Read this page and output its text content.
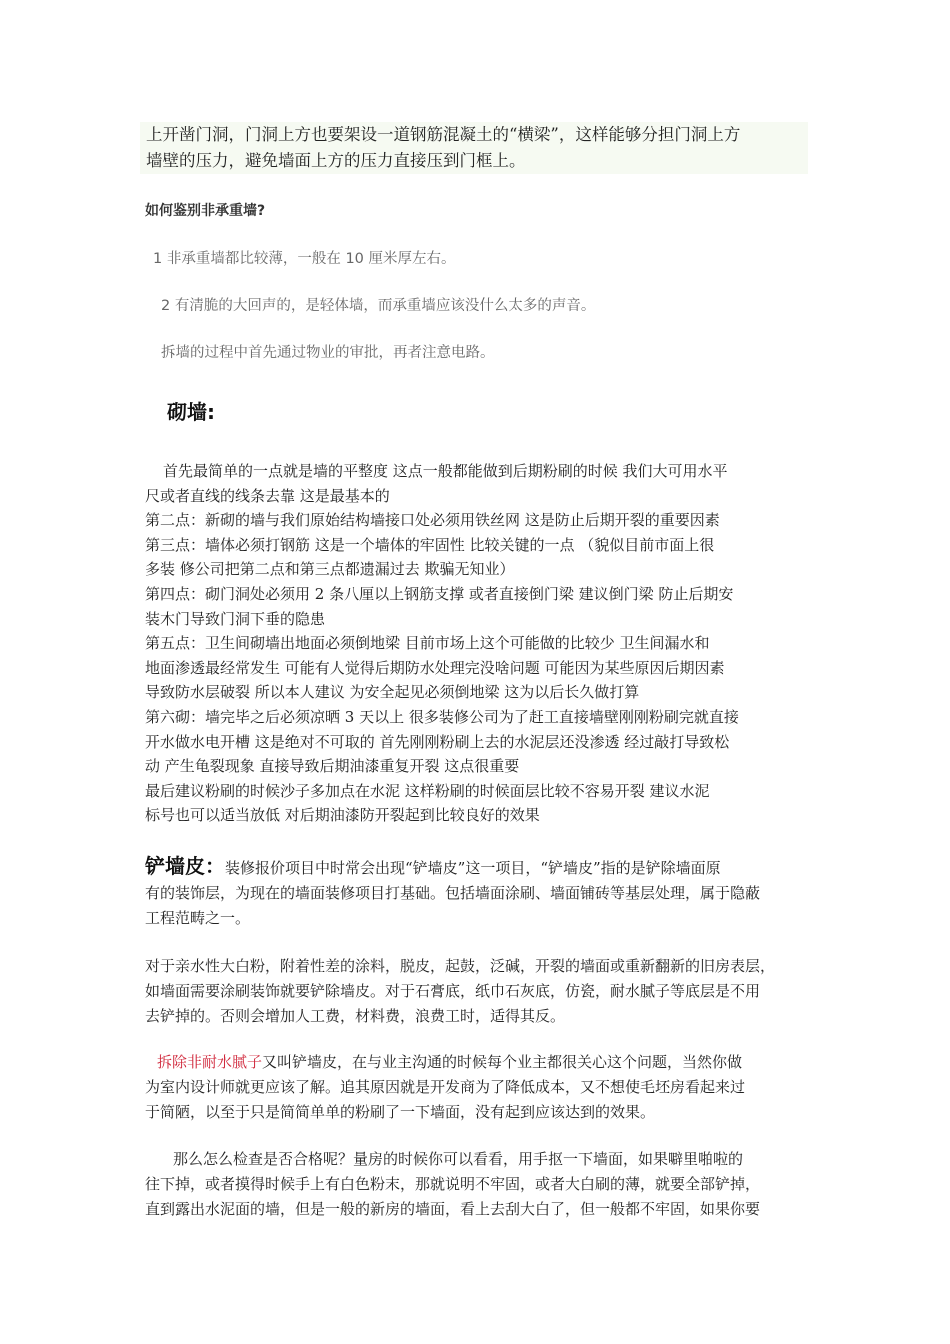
上开凿门洞，门洞上方也要架设一道钢筋混凝土的“横梁”，这样能够分担门洞上方
墙壁的压力，避免墙面上方的压力直接压到门框上。
如何鉴别非承重墙?
1 非承重墙都比较薄，一般在 10 厘米厚左右。
2 有清脆的大回声的，是轻体墙，而承重墙应该没什么太多的声音。
拆墙的过程中首先通过物业的审批，再者注意电路。
砌墙:
首先最简单的一点就是墙的平整度 这点一般都能做到后期粉刷的时候 我们大可用水平
尺或者直线的线条去靠 这是最基本的
第二点：新砌的墙与我们原始结构墙接口处必须用铁丝网 这是防止后期开裂的重要因素
第三点：墙体必须打钢筋 这是一个墙体的牢固性 比较关键的一点 （貌似目前市面上很
多装 修公司把第二点和第三点都遗漏过去 欺骗无知业）
第四点：砌门洞处必须用 2 条八厘以上钢筋支撑 或者直接倒门梁 建议倒门梁 防止后期安
装木门导致门洞下垂的隐患
第五点：卫生间砌墙出地面必须倒地梁 目前市场上这个可能做的比较少 卫生间漏水和
地面渗透最经常发生 可能有人觉得后期防水处理完没啥问题 可能因为某些原因后期因素
导致防水层破裂 所以本人建议 为安全起见必须倒地梁 这为以后长久做打算
第六砌：墙完毕之后必须凉晒 3 天以上 很多装修公司为了赶工直接墙壁刚刚粉刷完就直接
开水做水电开槽 这是绝对不可取的 首先刚刚粉刷上去的水泥层还没渗透 经过敲打导致松
动 产生龟裂现象 直接导致后期油漆重复开裂 这点很重要
最后建议粉刷的时候沙子多加点在水泥 这样粉刷的时候面层比较不容易开裂 建议水泥
标号也可以适当放低 对后期油漆防开裂起到比较良好的效果
铲墙皮：装修报价项目中时常会出现“铲墙皮”这一项目，“铲墙皮”指的是铲除墙面原
有的装饰层，为现在的墙面装修项目打基础。包括墙面涂刷、墙面铺砖等基层处理，属于隐蔽
工程范畴之一。
对于亲水性大白粉，附着性差的涂料，脱皮，起鼓，泛碱，开裂的墙面或重新翻新的旧房表层，
如墙面需要涂刷装饰就要铲除墙皮。对于石膏底，纸巾石灰底，仿瓷，耐水腻子等底层是不用
去铲掉的。否则会增加人工费，材料费，浪费工时，适得其反。
拆除非耐水腻子又叫铲墙皮，在与业主沟通的时候每个业主都很关心这个问题，当然你做
为室内设计师就更应该了解。追其原因就是开发商为了降低成本，又不想使毛坯房看起来过
于简陋，以至于只是简简单单的粉刷了一下墙面，没有起到应该达到的效果。
那么怎么检查是否合格呢？量房的时候你可以看看，用手抠一下墙面，如果噼里啪啦的
往下掉，或者摸得时候手上有白色粉末，那就说明不牢固，或者大白刷的薄，就要全部铲掉，
直到露出水泥面的墙，但是一般的新房的墙面，看上去刮大白了，但一般都不牢固，如果你要
